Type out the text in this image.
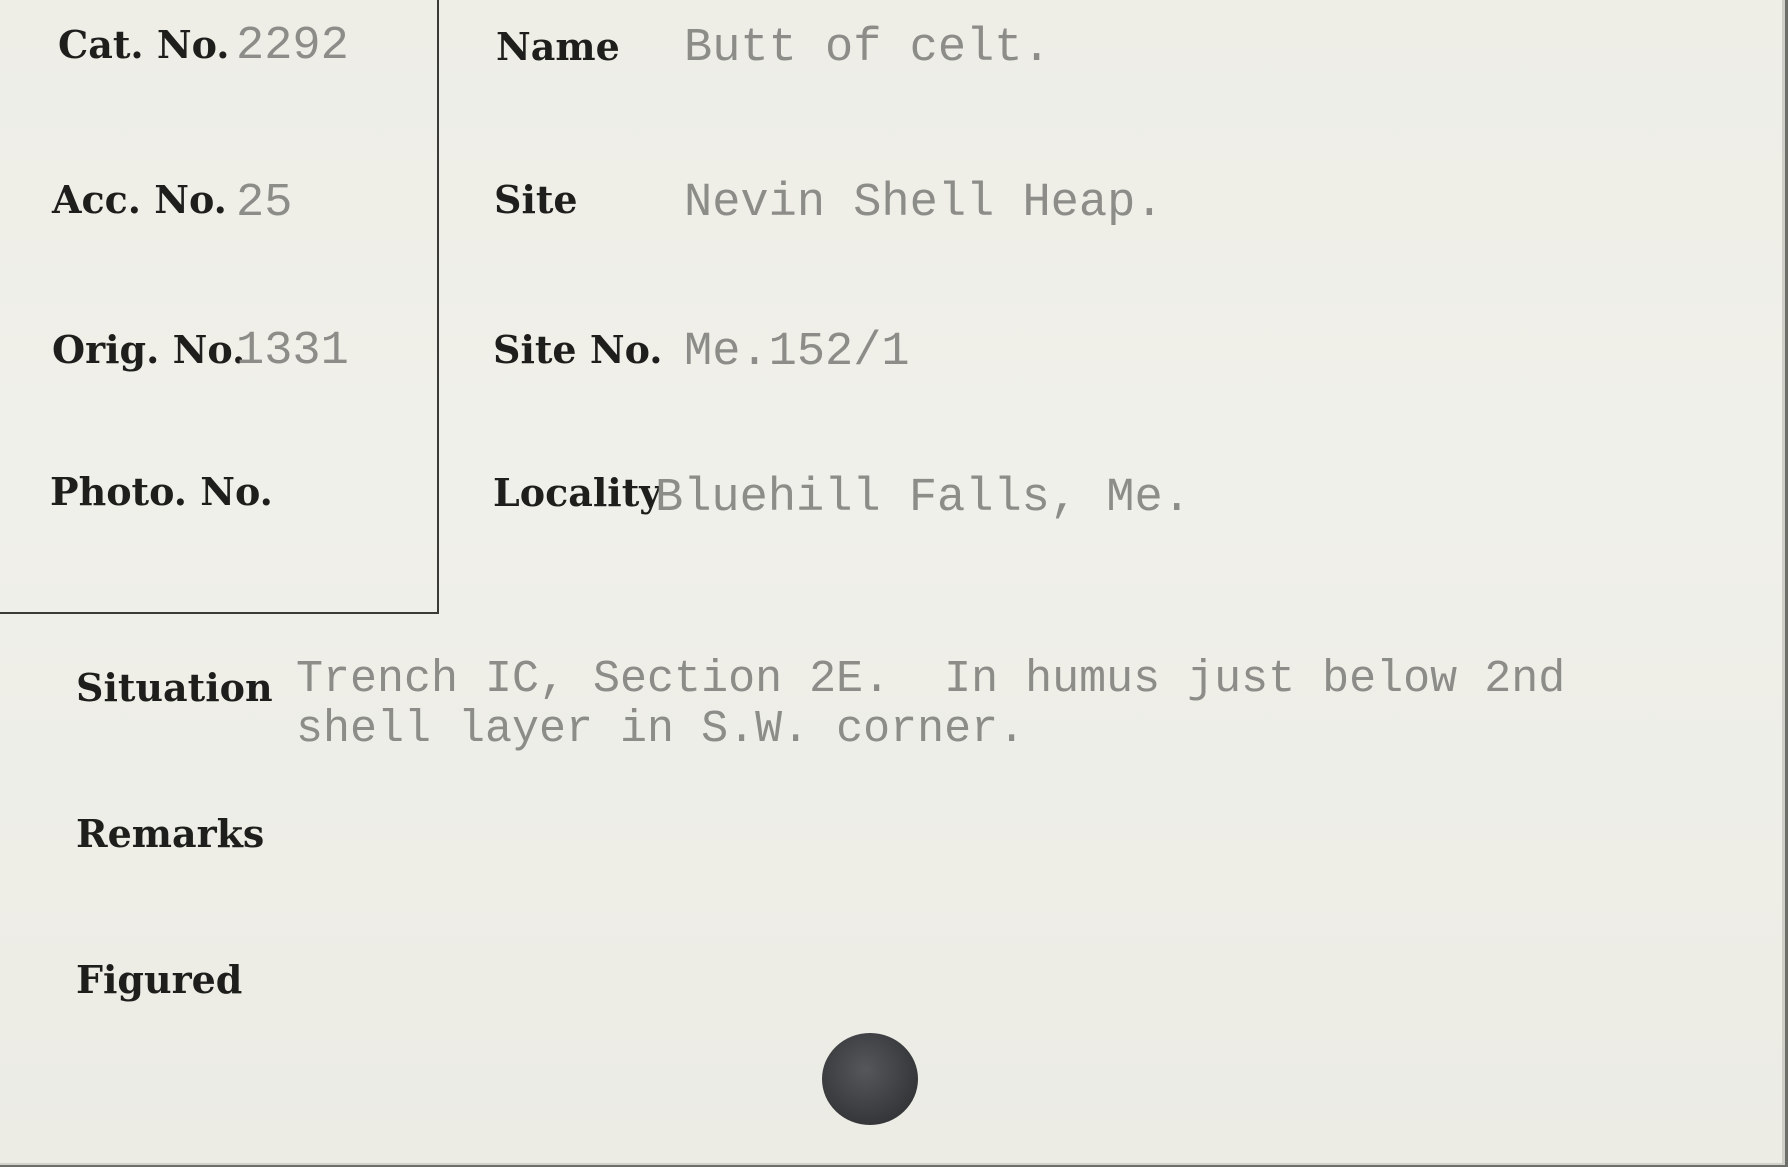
Cat. No. 2292
Acc. No. 25
Orig. No.
1331
Photo. No.
Name Butt of celt.
Site Nevin Shell Heap.
Site No. Me.152/1
Locality
Bluehill Falls, Me.
Situation Trench IC, Section 2E.  In humus just below 2nd
shell layer in S.W. corner.
Remarks
Figured
